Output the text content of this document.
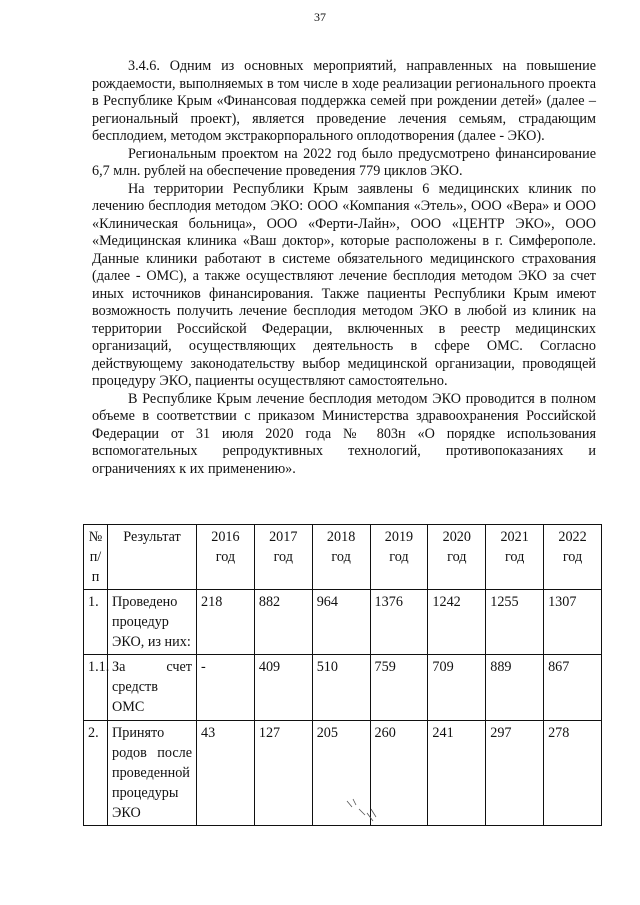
37

3.4.6. Одним из основных мероприятий, направленных на повышение рождаемости, выполняемых в том числе в ходе реализации регионального проекта в Республике Крым «Финансовая поддержка семей при рождении детей» (далее – региональный проект), является проведение лечения семьям, страдающим бесплодием, методом экстракорпорального оплодотворения (далее - ЭКО).

Региональным проектом на 2022 год было предусмотрено финансирование 6,7 млн. рублей на обеспечение проведения 779 циклов ЭКО.

На территории Республики Крым заявлены 6 медицинских клиник по лечению бесплодия методом ЭКО: ООО «Компания «Этель», ООО «Вера» и ООО «Клиническая больница», ООО «Ферти-Лайн», ООО «ЦЕНТР ЭКО», ООО «Медицинская клиника «Ваш доктор», которые расположены в г. Симферополе. Данные клиники работают в системе обязательного медицинского страхования (далее - ОМС), а также осуществляют лечение бесплодия методом ЭКО за счет иных источников финансирования. Также пациенты Республики Крым имеют возможность получить лечение бесплодия методом ЭКО в любой из клиник на территории Российской Федерации, включенных в реестр медицинских организаций, осуществляющих деятельность в сфере ОМС. Согласно действующему законодательству выбор медицинской организации, проводящей процедуру ЭКО, пациенты осуществляют самостоятельно.

В Республике Крым лечение бесплодия методом ЭКО проводится в полном объеме в соответствии с приказом Министерства здравоохранения Российской Федерации от 31 июля 2020 года № 803н «О порядке использования вспомогательных репродуктивных технологий, противопоказаниях и ограничениях к их применению».

№ п/п	Результат	2016 год	2017 год	2018 год	2019 год	2020 год	2021 год	2022 год
1.	Проведено процедур ЭКО, из них:	218	882	964	1376	1242	1255	1307
1.1.	За счет средств ОМС	-	409	510	759	709	889	867
2.	Принято родов после проведенной процедуры ЭКО	43	127	205	260	241	297	278
